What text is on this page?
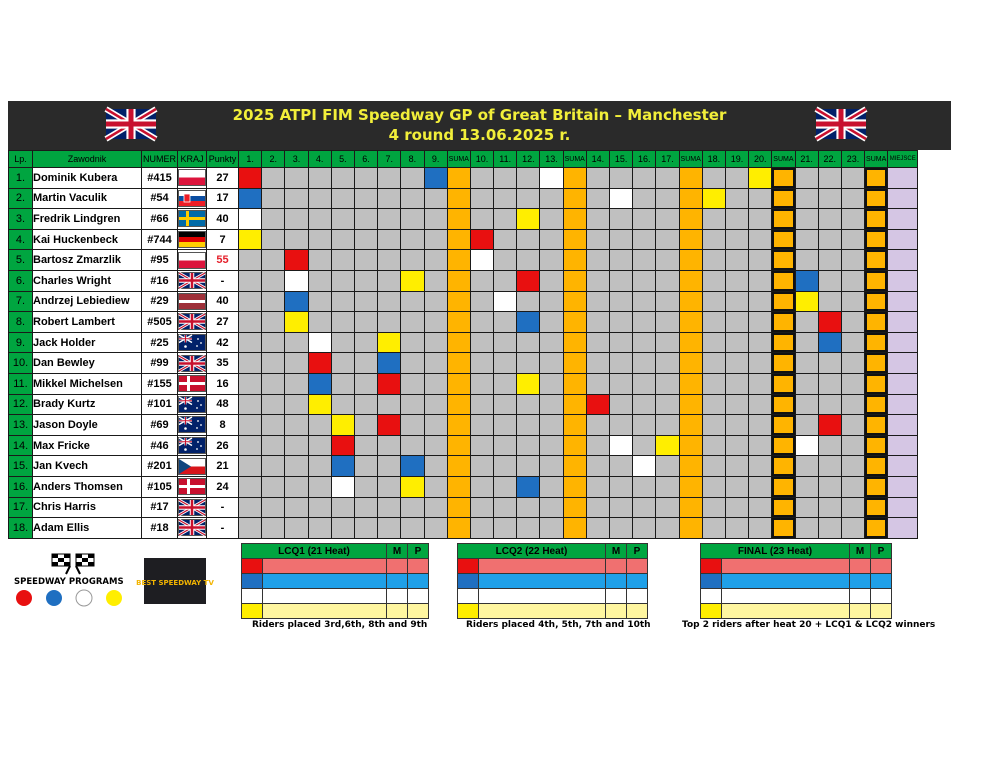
2025 ATPI FIM Speedway GP of Great Britain – Manchester
4 round 13.06.2025 r.
Lp.	Zawodnik	NUMER	KRAJ	Punkty	1.	2.	3.	4.	5.	6.	7.	8.	9.	SUMA	10.	11.	12.	13.	SUMA	14.	15.	16.	17.	SUMA	18.	19.	20.	SUMA	21.	22.	23.	SUMA	MIEJSCE
1.	Dominik Kubera	#415		27																													
2.	Martin Vaculik	#54		17																													
3.	Fredrik Lindgren	#66		40																													
4.	Kai Huckenbeck	#744		7																													
5.	Bartosz Zmarzlik	#95		55																													
6.	Charles Wright	#16		-																													
7.	Andrzej Lebiediew	#29		40																													
8.	Robert Lambert	#505		27																													
9.	Jack Holder	#25		42																													
10.	Dan Bewley	#99		35																													
11.	Mikkel Michelsen	#155		16																													
12.	Brady Kurtz	#101		48																													
13.	Jason Doyle	#69		8																													
14.	Max Fricke	#46		26																													
15.	Jan Kvech	#201		21																													
16.	Anders Thomsen	#105		24																													
17.	Chris Harris	#17		-																													
18.	Adam Ellis	#18		-																													
LCQ1 (21 Heat)		M	P

				LCQ2 (22 Heat)		M	P

				FINAL (23 Heat)		M	P

Riders placed 3rd,6th, 8th and 9th	Riders placed 4th, 5th, 7th and 10th	Top 2 riders after heat 20 + LCQ1 & LCQ2 winners
SPEEDWAY PROGRAMS BEST SPEEDWAY TV
